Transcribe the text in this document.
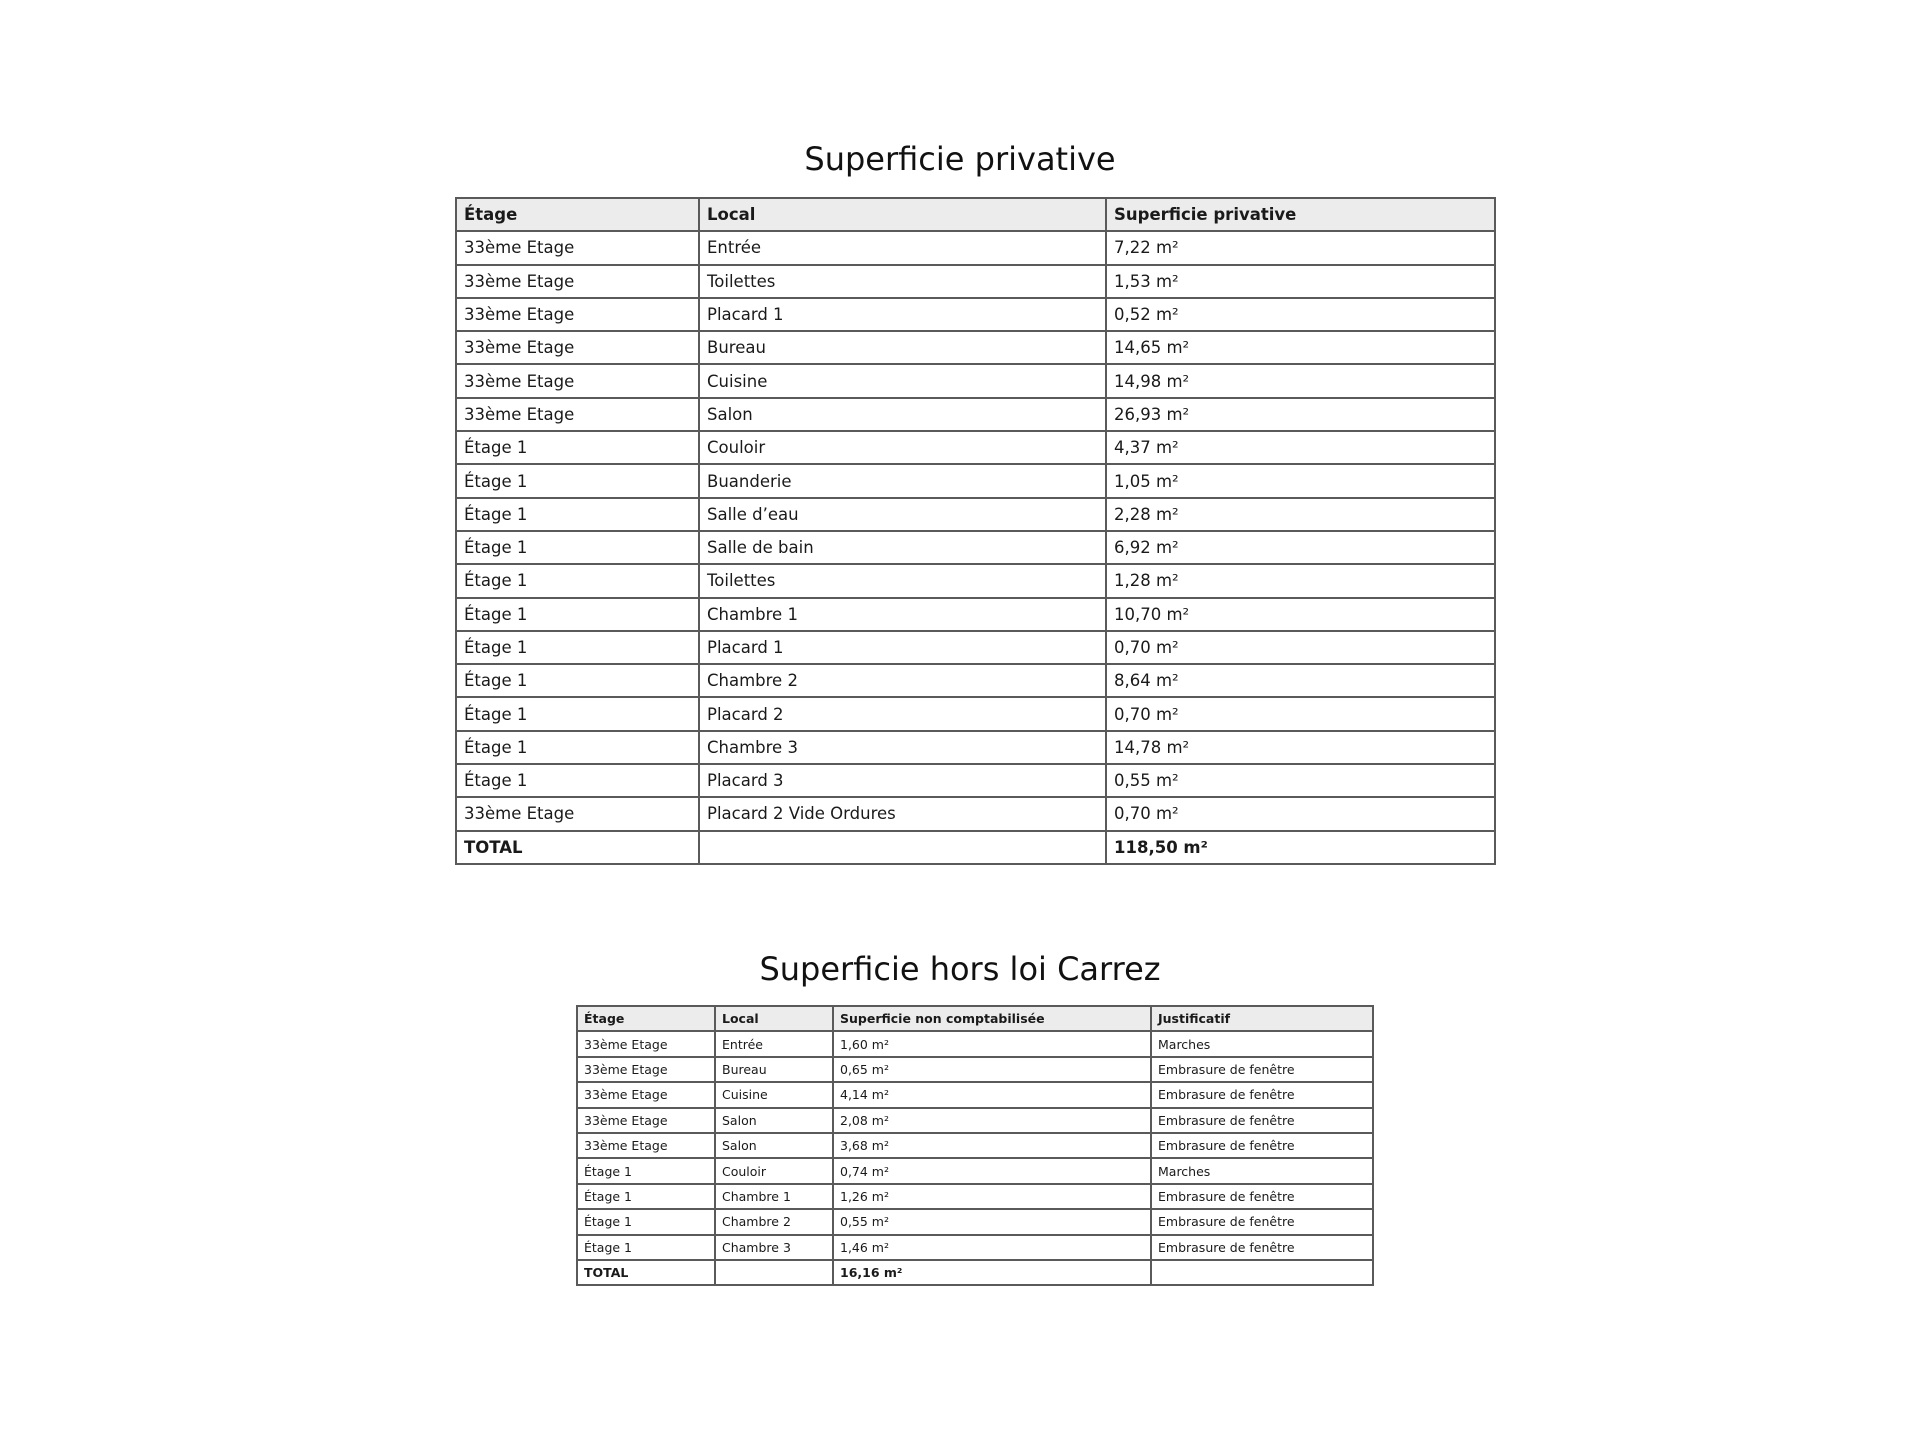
Superficie privative
Étage	Local	Superficie privative
33ème Etage	Entrée	7,22 m²
33ème Etage	Toilettes	1,53 m²
33ème Etage	Placard 1	0,52 m²
33ème Etage	Bureau	14,65 m²
33ème Etage	Cuisine	14,98 m²
33ème Etage	Salon	26,93 m²
Étage 1	Couloir	4,37 m²
Étage 1	Buanderie	1,05 m²
Étage 1	Salle d’eau	2,28 m²
Étage 1	Salle de bain	6,92 m²
Étage 1	Toilettes	1,28 m²
Étage 1	Chambre 1	10,70 m²
Étage 1	Placard 1	0,70 m²
Étage 1	Chambre 2	8,64 m²
Étage 1	Placard 2	0,70 m²
Étage 1	Chambre 3	14,78 m²
Étage 1	Placard 3	0,55 m²
33ème Etage	Placard 2 Vide Ordures	0,70 m²
TOTAL		118,50 m²
Superficie hors loi Carrez
Étage	Local	Superficie non comptabilisée	Justificatif
33ème Etage	Entrée	1,60 m²	Marches
33ème Etage	Bureau	0,65 m²	Embrasure de fenêtre
33ème Etage	Cuisine	4,14 m²	Embrasure de fenêtre
33ème Etage	Salon	2,08 m²	Embrasure de fenêtre
33ème Etage	Salon	3,68 m²	Embrasure de fenêtre
Étage 1	Couloir	0,74 m²	Marches
Étage 1	Chambre 1	1,26 m²	Embrasure de fenêtre
Étage 1	Chambre 2	0,55 m²	Embrasure de fenêtre
Étage 1	Chambre 3	1,46 m²	Embrasure de fenêtre
TOTAL		16,16 m²	
